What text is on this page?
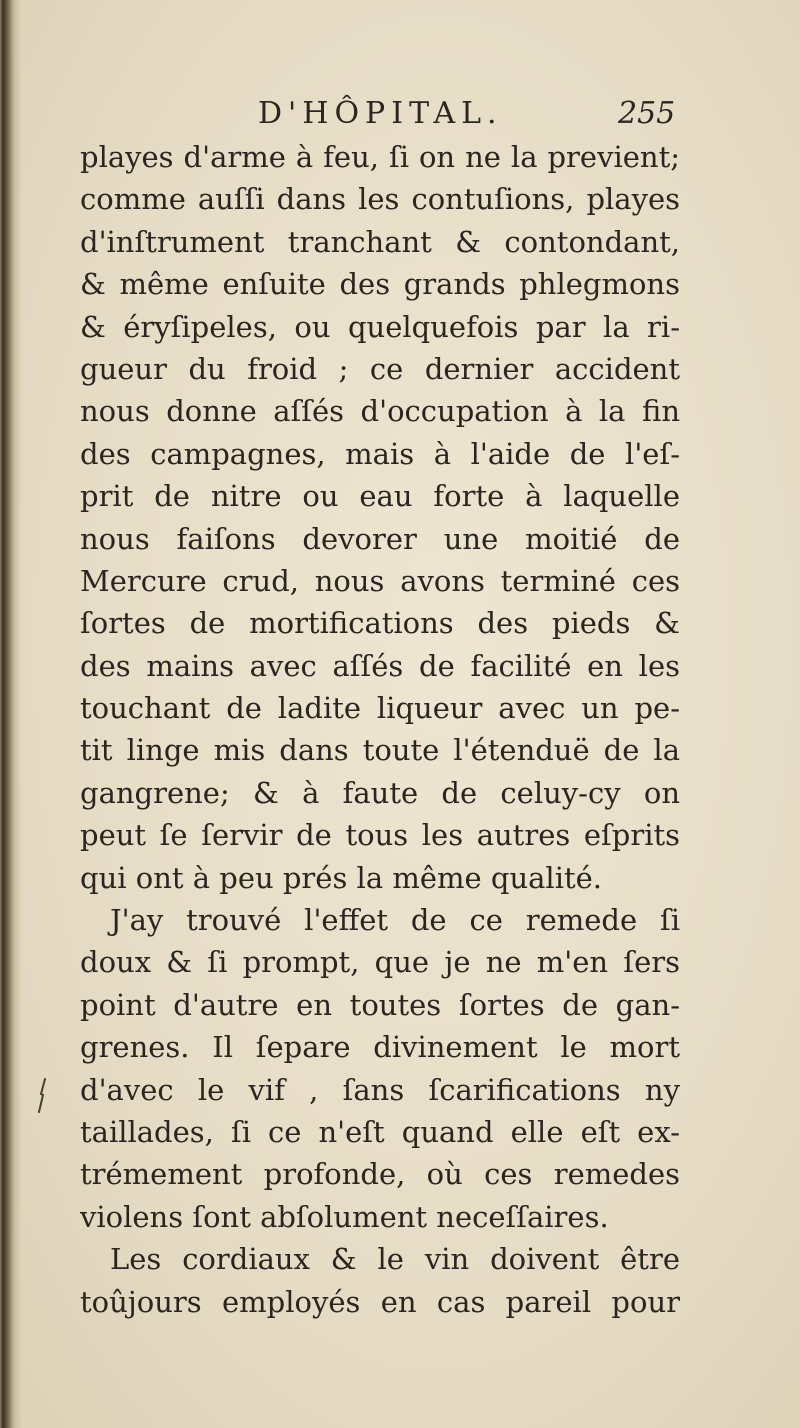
D'HÔPITAL.	255
playes d'arme à feu, ſi on ne la previent;
comme auſſi dans les contuſions, playes
d'inſtrument tranchant & contondant,
& même enſuite des grands phlegmons
& éryſipeles, ou quelquefois par la ri-
gueur du froid ; ce dernier accident
nous donne aſſés d'occupation à la fin
des campagnes, mais à l'aide de l'eſ-
prit de nitre ou eau forte à laquelle
nous faiſons devorer une moitié de
Mercure crud, nous avons terminé ces
ſortes de mortifications des pieds &
des mains avec aſſés de facilité en les
touchant de ladite liqueur avec un pe-
tit linge mis dans toute l'étenduë de la
gangrene; & à faute de celuy-cy on
peut ſe ſervir de tous les autres eſprits
qui ont à peu prés la même qualité.
J'ay trouvé l'effet de ce remede ſi
doux & ſi prompt, que je ne m'en ſers
point d'autre en toutes ſortes de gan-
grenes. Il ſepare divinement le mort
d'avec le vif , ſans ſcarifications ny
taillades, ſi ce n'eſt quand elle eſt ex-
trémement profonde, où ces remedes
violens ſont abſolument neceſſaires.
Les cordiaux & le vin doivent être
toûjours employés en cas pareil pour
